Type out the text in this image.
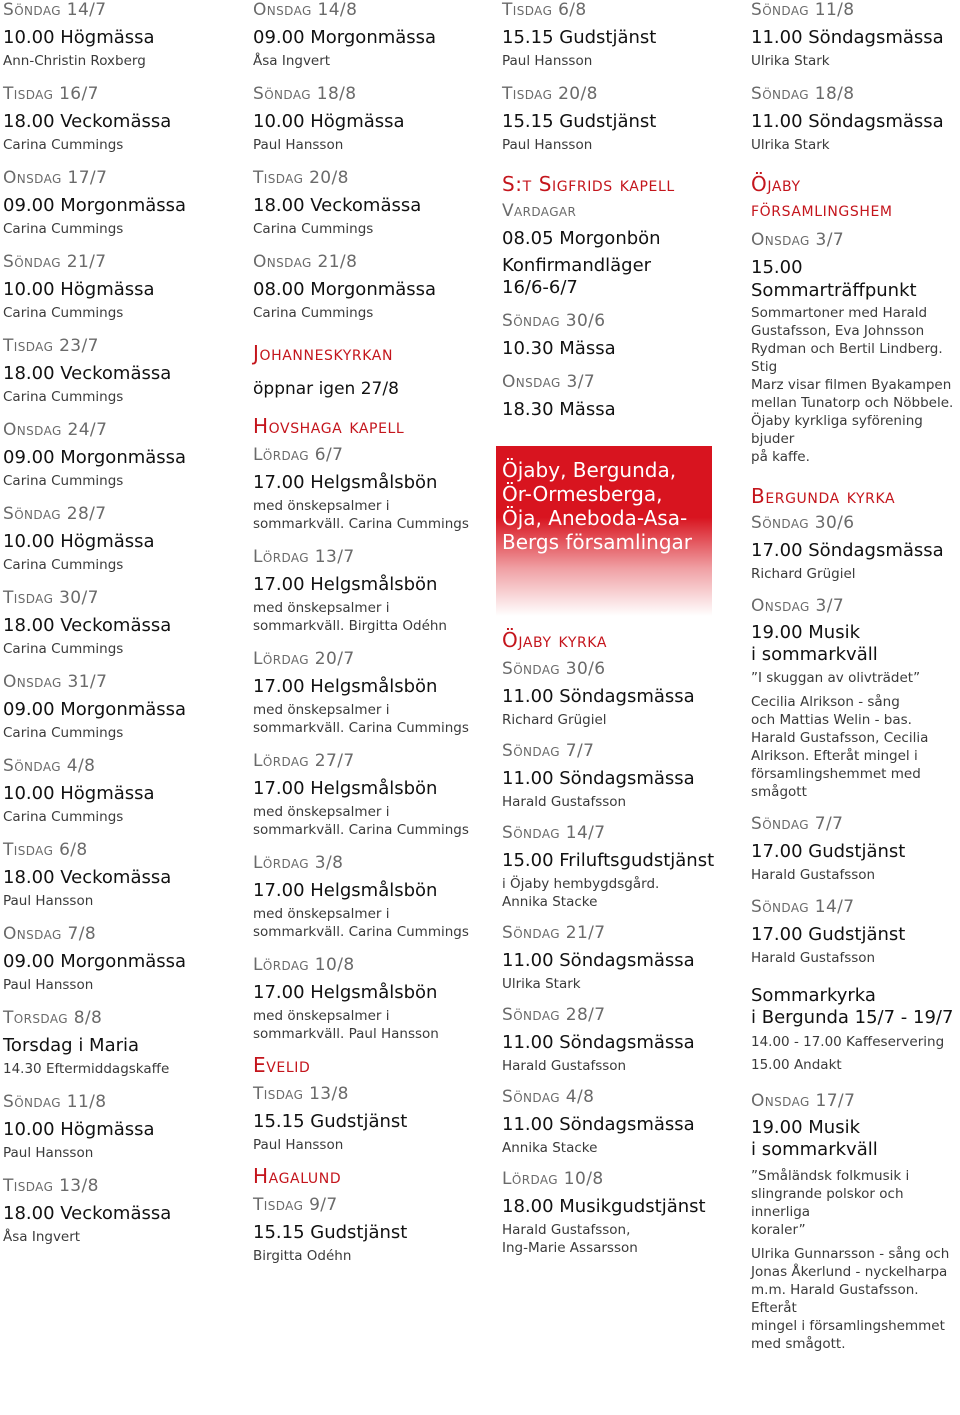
Söndag 14/7
10.00 Högmässa
Ann-Christin Roxberg
Tisdag 16/7
18.00 Veckomässa
Carina Cummings
Onsdag 17/7
09.00 Morgonmässa
Carina Cummings
Söndag 21/7
10.00 Högmässa
Carina Cummings
Tisdag 23/7
18.00 Veckomässa
Carina Cummings
Onsdag 24/7
09.00 Morgonmässa
Carina Cummings
Söndag 28/7
10.00 Högmässa
Carina Cummings
Tisdag 30/7
18.00 Veckomässa
Carina Cummings
Onsdag 31/7
09.00 Morgonmässa
Carina Cummings
Söndag 4/8
10.00 Högmässa
Carina Cummings
Tisdag 6/8
18.00 Veckomässa
Paul Hansson
Onsdag 7/8
09.00 Morgonmässa
Paul Hansson
Torsdag 8/8
Torsdag i Maria
14.30 Eftermiddagskaffe
Söndag 11/8
10.00 Högmässa
Paul Hansson
Tisdag 13/8
18.00 Veckomässa
Åsa Ingvert
Onsdag 14/8
09.00 Morgonmässa
Åsa Ingvert
Söndag 18/8
10.00 Högmässa
Paul Hansson
Tisdag 20/8
18.00 Veckomässa
Carina Cummings
Onsdag 21/8
08.00 Morgonmässa
Carina Cummings
Johanneskyrkan
öppnar igen 27/8
Hovshaga kapell
Lördag 6/7
17.00 Helgsmålsbön
med önskepsalmer i
sommarkväll. Carina Cummings
Lördag 13/7
17.00 Helgsmålsbön
med önskepsalmer i
sommarkväll. Birgitta Odéhn
Lördag 20/7
17.00 Helgsmålsbön
med önskepsalmer i
sommarkväll. Carina Cummings
Lördag 27/7
17.00 Helgsmålsbön
med önskepsalmer i
sommarkväll. Carina Cummings
Lördag 3/8
17.00 Helgsmålsbön
med önskepsalmer i
sommarkväll. Carina Cummings
Lördag 10/8
17.00 Helgsmålsbön
med önskepsalmer i
sommarkväll. Paul Hansson
Evelid
Tisdag 13/8
15.15 Gudstjänst
Paul Hansson
Hagalund
Tisdag 9/7
15.15 Gudstjänst
Birgitta Odéhn
Tisdag 6/8
15.15 Gudstjänst
Paul Hansson
Tisdag 20/8
15.15 Gudstjänst
Paul Hansson
S:t Sigfrids kapell
Vardagar
08.05 Morgonbön
Konfirmandläger
16/6-6/7
Söndag 30/6
10.30 Mässa
Onsdag 3/7
18.30 Mässa
Öjaby, Bergunda,
Ör-Ormesberga,
Öja, Aneboda-Asa-
Bergs församlingar
Öjaby kyrka
Söndag 30/6
11.00 Söndagsmässa
Richard Grügiel
Söndag 7/7
11.00 Söndagsmässa
Harald Gustafsson
Söndag 14/7
15.00 Friluftsgudstjänst
i Öjaby hembygdsgård.
Annika Stacke
Söndag 21/7
11.00 Söndagsmässa
Ulrika Stark
Söndag 28/7
11.00 Söndagsmässa
Harald Gustafsson
Söndag 4/8
11.00 Söndagsmässa
Annika Stacke
Lördag 10/8
18.00 Musikgudstjänst
Harald Gustafsson,
Ing-Marie Assarsson
Söndag 11/8
11.00 Söndagsmässa
Ulrika Stark
Söndag 18/8
11.00 Söndagsmässa
Ulrika Stark
Öjaby
församlingshem
Onsdag 3/7
15.00 Sommarträffpunkt
Sommartoner med Harald
Gustafsson, Eva Johnsson
Rydman och Bertil Lindberg. Stig
Marz visar filmen Byakampen
mellan Tunatorp och Nöbbele.
Öjaby kyrkliga syförening bjuder
på kaffe.
Bergunda kyrka
Söndag 30/6
17.00 Söndagsmässa
Richard Grügiel
Onsdag 3/7
19.00 Musik
i sommarkväll
”I skuggan av olivträdet”
Cecilia Alrikson - sång
och Mattias Welin - bas.
Harald Gustafsson, Cecilia
Alrikson. Efteråt mingel i
församlingshemmet med
smågott
Söndag 7/7
17.00 Gudstjänst
Harald Gustafsson
Söndag 14/7
17.00 Gudstjänst
Harald Gustafsson
Sommarkyrka
i Bergunda 15/7 - 19/7
14.00 - 17.00 Kaffeservering
15.00 Andakt
Onsdag 17/7
19.00 Musik
i sommarkväll
”Småländsk folkmusik i
slingrande polskor och innerliga
koraler”
Ulrika Gunnarsson - sång och
Jonas Åkerlund - nyckelharpa
m.m. Harald Gustafsson. Efteråt
mingel i församlingshemmet
med smågott.
